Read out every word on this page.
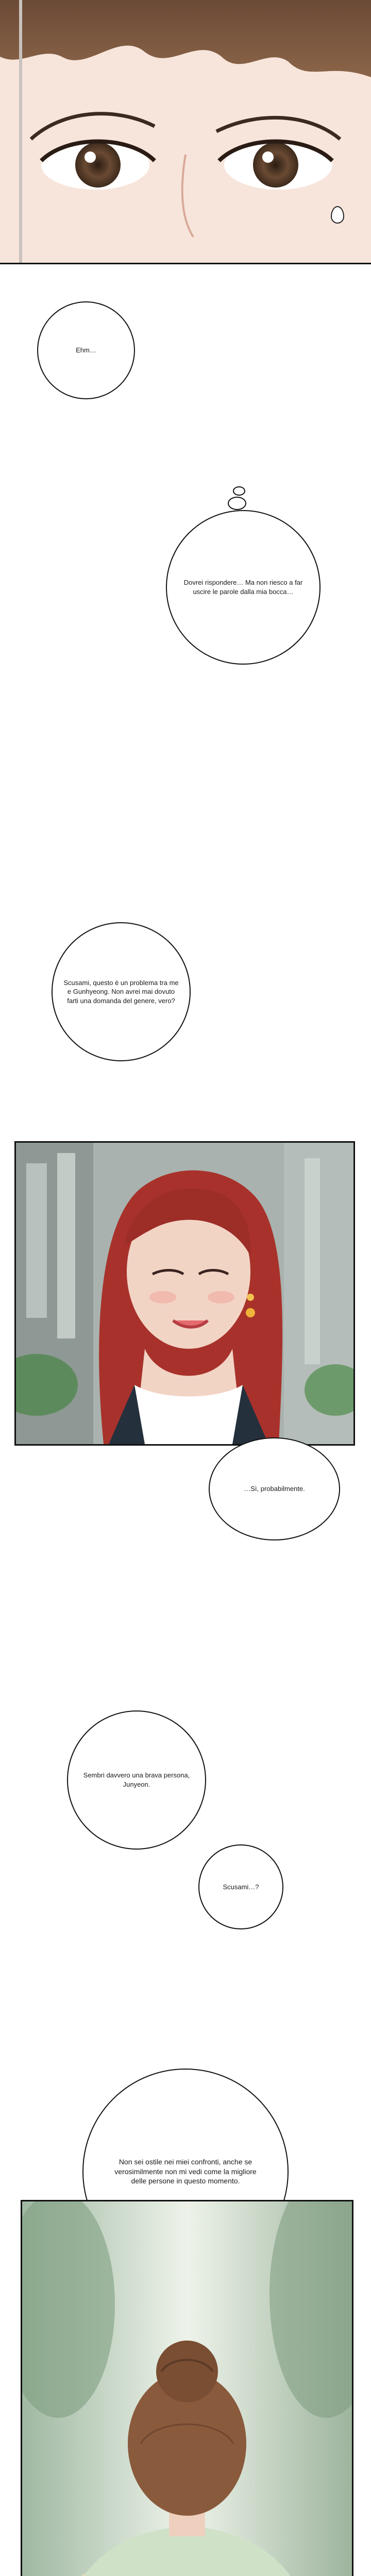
Ehm…
Dovrei rispondere… Ma non riesco a far uscire le parole dalla mia bocca…
Scusami, questo è un problema tra me e Gunhyeong. Non avrei mai dovuto farti una domanda del genere, vero?
…Sì, probabilmente.
Sembri davvero una brava persona, Junyeon.
Scusami…?
Non sei ostile nei miei confronti, anche se verosimilmente non mi vedi come la migliore delle persone in questo momento.
